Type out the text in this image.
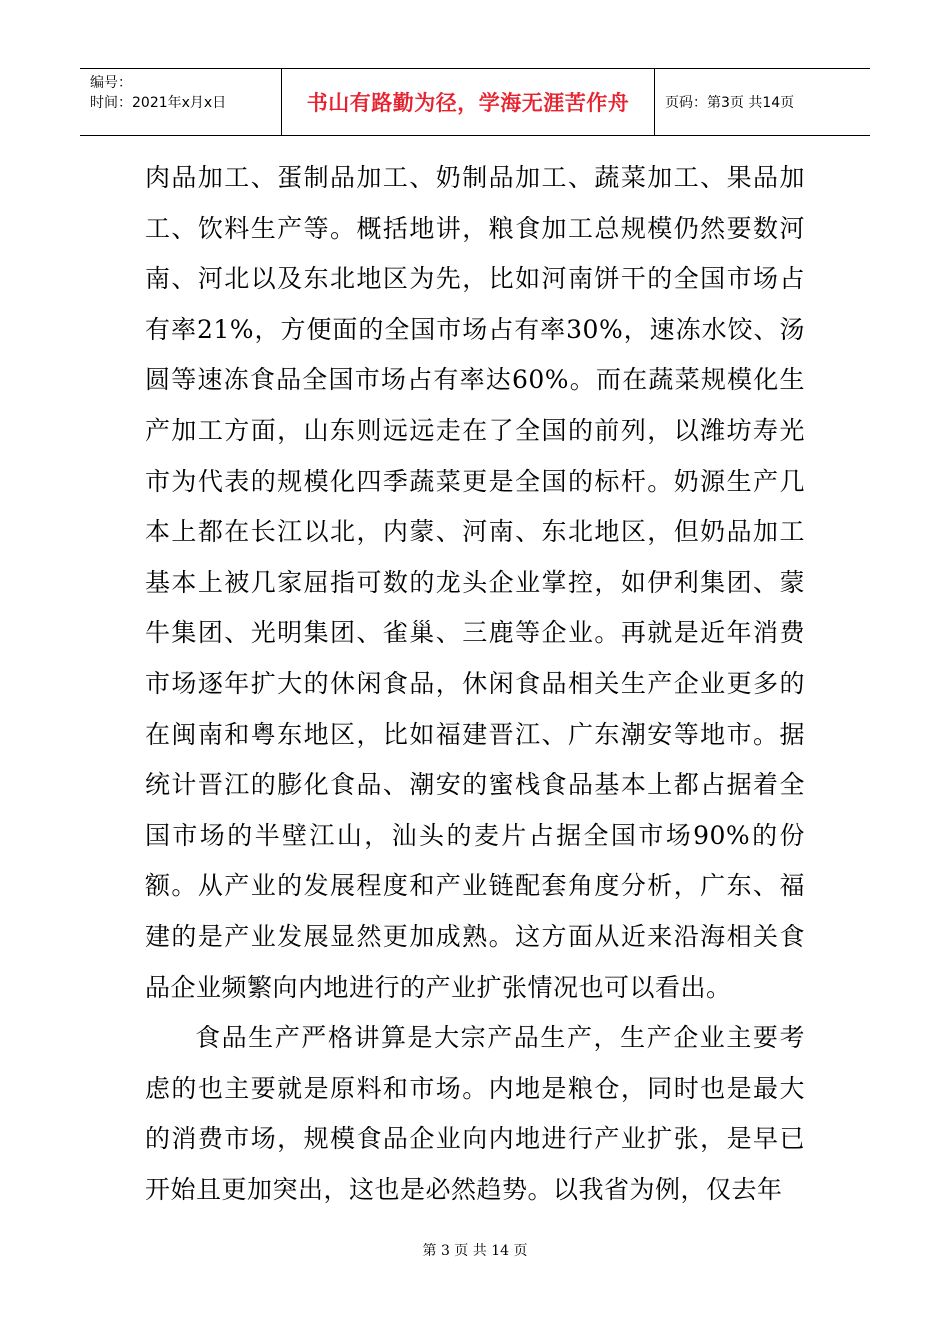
编号：
时间：2021年x月x日	书山有路勤为径，学海无涯苦作舟	页码：第3页 共14页

肉品加工、蛋制品加工、奶制品加工、蔬菜加工、果品加工、饮料生产等。概括地讲，粮食加工总规模仍然要数河南、河北以及东北地区为先，比如河南饼干的全国市场占有率21%，方便面的全国市场占有率30%，速冻水饺、汤圆等速冻食品全国市场占有率达60%。而在蔬菜规模化生产加工方面，山东则远远走在了全国的前列，以潍坊寿光市为代表的规模化四季蔬菜更是全国的标杆。奶源生产几本上都在长江以北，内蒙、河南、东北地区，但奶品加工基本上被几家屈指可数的龙头企业掌控，如伊利集团、蒙牛集团、光明集团、雀巢、三鹿等企业。再就是近年消费市场逐年扩大的休闲食品，休闲食品相关生产企业更多的在闽南和粤东地区，比如福建晋江、广东潮安等地市。据统计晋江的膨化食品、潮安的蜜栈食品基本上都占据着全国市场的半壁江山，汕头的麦片占据全国市场90%的份额。从产业的发展程度和产业链配套角度分析，广东、福建的是产业发展显然更加成熟。这方面从近来沿海相关食品企业频繁向内地进行的产业扩张情况也可以看出。

食品生产严格讲算是大宗产品生产，生产企业主要考虑的也主要就是原料和市场。内地是粮仓，同时也是最大的消费市场，规模食品企业向内地进行产业扩张，是早已开始且更加突出，这也是必然趋势。以我省为例，仅去年

第 3 页 共 14 页
